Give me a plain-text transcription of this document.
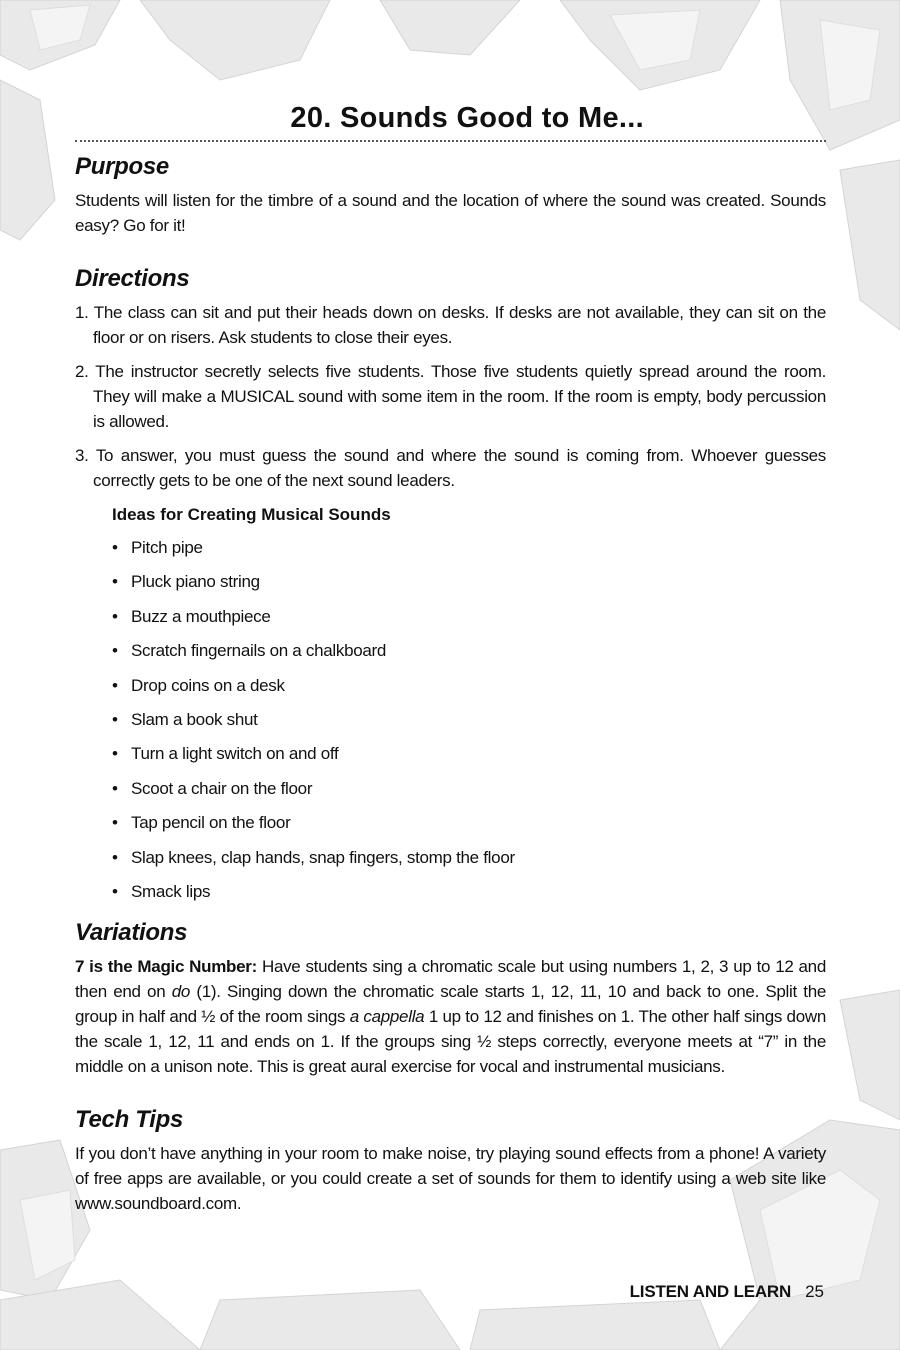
20. Sounds Good to Me...
Purpose

Students will listen for the timbre of a sound and the location of where the sound was created. Sounds easy? Go for it!

Directions
1. The class can sit and put their heads down on desks. If desks are not available, they can sit on the floor or on risers. Ask students to close their eyes.
2. The instructor secretly selects five students. Those five students quietly spread around the room. They will make a MUSICAL sound with some item in the room. If the room is empty, body percussion is allowed.
3. To answer, you must guess the sound and where the sound is coming from. Whoever guesses correctly gets to be one of the next sound leaders.
Ideas for Creating Musical Sounds
• Pitch pipe
• Pluck piano string
• Buzz a mouthpiece
• Scratch fingernails on a chalkboard
• Drop coins on a desk
• Slam a book shut
• Turn a light switch on and off
• Scoot a chair on the floor
• Tap pencil on the floor
• Slap knees, clap hands, snap fingers, stomp the floor
• Smack lips
Variations

7 is the Magic Number: Have students sing a chromatic scale but using numbers 1, 2, 3 up to 12 and then end on do (1). Singing down the chromatic scale starts 1, 12, 11, 10 and back to one. Split the group in half and ½ of the room sings a cappella 1 up to 12 and finishes on 1. The other half sings down the scale 1, 12, 11 and ends on 1. If the groups sing ½ steps correctly, everyone meets at “7” in the middle on a unison note. This is great aural exercise for vocal and instrumental musicians.

Tech Tips

If you don’t have anything in your room to make noise, try playing sound effects from a phone! A variety of free apps are available, or you could create a set of sounds for them to identify using a web site like www.soundboard.com.

LISTEN AND LEARN 25
